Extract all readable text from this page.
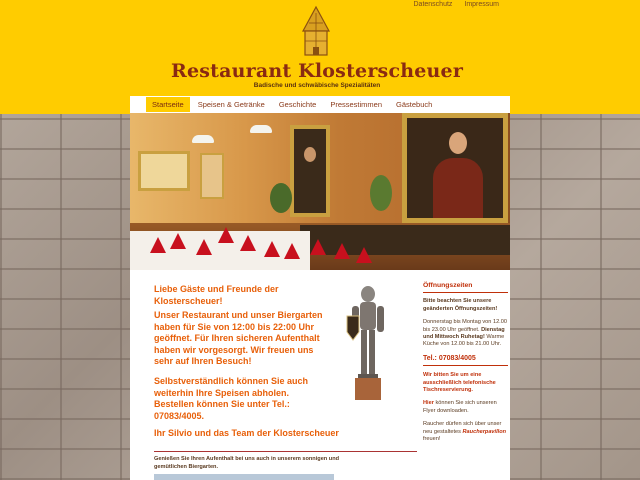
Datenschutz Impressum
Restaurant Klosterscheuer
Badische und schwäbische Spezialitäten
Startseite	Speisen & Getränke	Geschichte	Pressestimmen	Gästebuch
Liebe Gäste und Freunde der Klosterscheuer!
Unser Restaurant und unser Biergarten haben für Sie von 12:00 bis 22:00 Uhr geöffnet. Für Ihren sicheren Aufenthalt haben wir vorgesorgt. Wir freuen uns sehr auf Ihren Besuch!
Selbstverständlich können Sie auch weiterhin Ihre Speisen abholen. Bestellen können Sie unter Tel.: 07083/4005.
Ihr Silvio und das Team der Klosterscheuer
Genießen Sie Ihren Aufenthalt bei uns auch in unserem sonnigen und gemütlichen Biergarten.
Öffnungszeiten
Bitte beachten Sie unsere geänderten Öffnungszeiten!
Donnerstag bis Montag von 12.00 bis 23.00 Uhr geöffnet. Dienstag und Mittwoch Ruhetag! Warme Küche von 12.00 bis 21.00 Uhr.
Tel.: 07083/4005
Wir bitten Sie um eine ausschließlich telefonische Tischreservierung.
Hier können Sie sich unseren Flyer downloaden.
Raucher dürfen sich über unser neu gestaltetes Raucherpavillon freuen!
